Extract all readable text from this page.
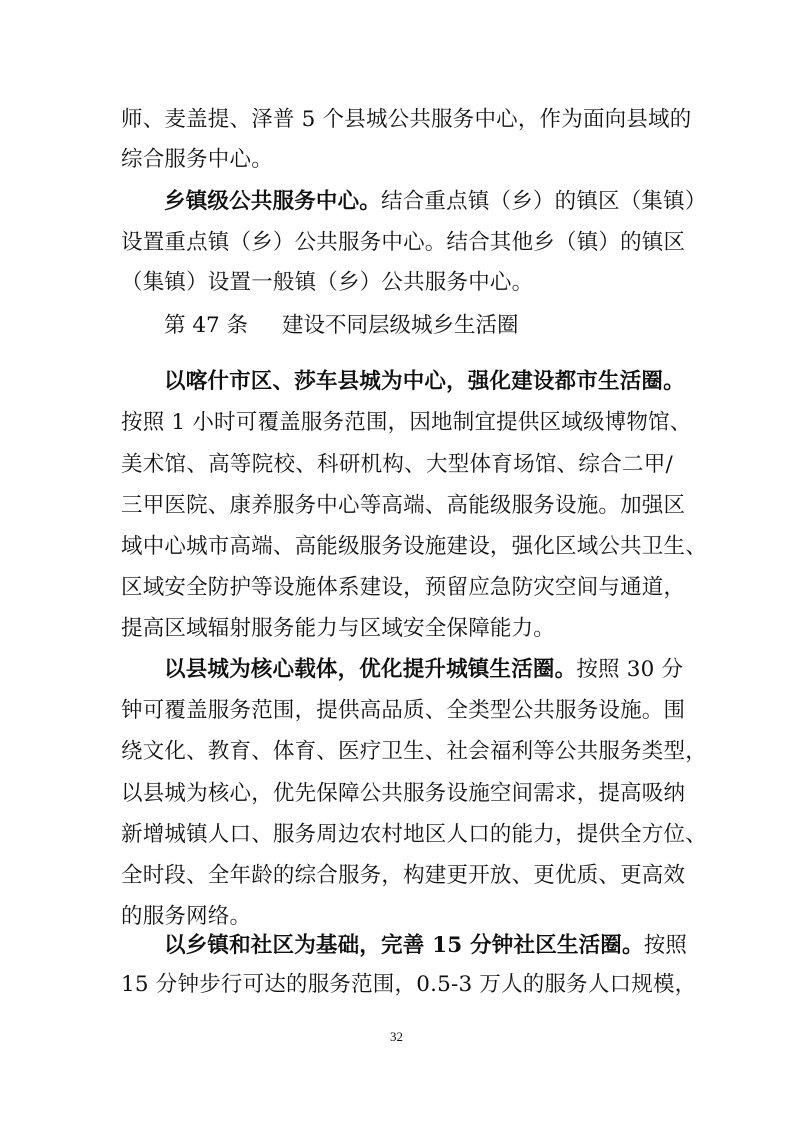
师、麦盖提、泽普 5 个县城公共服务中心，作为面向县域的
综合服务中心。
乡镇级公共服务中心。结合重点镇（乡）的镇区（集镇）
设置重点镇（乡）公共服务中心。结合其他乡（镇）的镇区
（集镇）设置一般镇（乡）公共服务中心。
第 47 条 建设不同层级城乡生活圈
以喀什市区、莎车县城为中心，强化建设都市生活圈。
按照 1 小时可覆盖服务范围，因地制宜提供区域级博物馆、
美术馆、高等院校、科研机构、大型体育场馆、综合二甲/
三甲医院、康养服务中心等高端、高能级服务设施。加强区
域中心城市高端、高能级服务设施建设，强化区域公共卫生、
区域安全防护等设施体系建设，预留应急防灾空间与通道，
提高区域辐射服务能力与区域安全保障能力。
以县城为核心载体，优化提升城镇生活圈。按照 30 分
钟可覆盖服务范围，提供高品质、全类型公共服务设施。围
绕文化、教育、体育、医疗卫生、社会福利等公共服务类型，
以县城为核心，优先保障公共服务设施空间需求，提高吸纳
新增城镇人口、服务周边农村地区人口的能力，提供全方位、
全时段、全年龄的综合服务，构建更开放、更优质、更高效
的服务网络。
以乡镇和社区为基础，完善 15 分钟社区生活圈。按照
15 分钟步行可达的服务范围，0.5-3 万人的服务人口规模，
32
